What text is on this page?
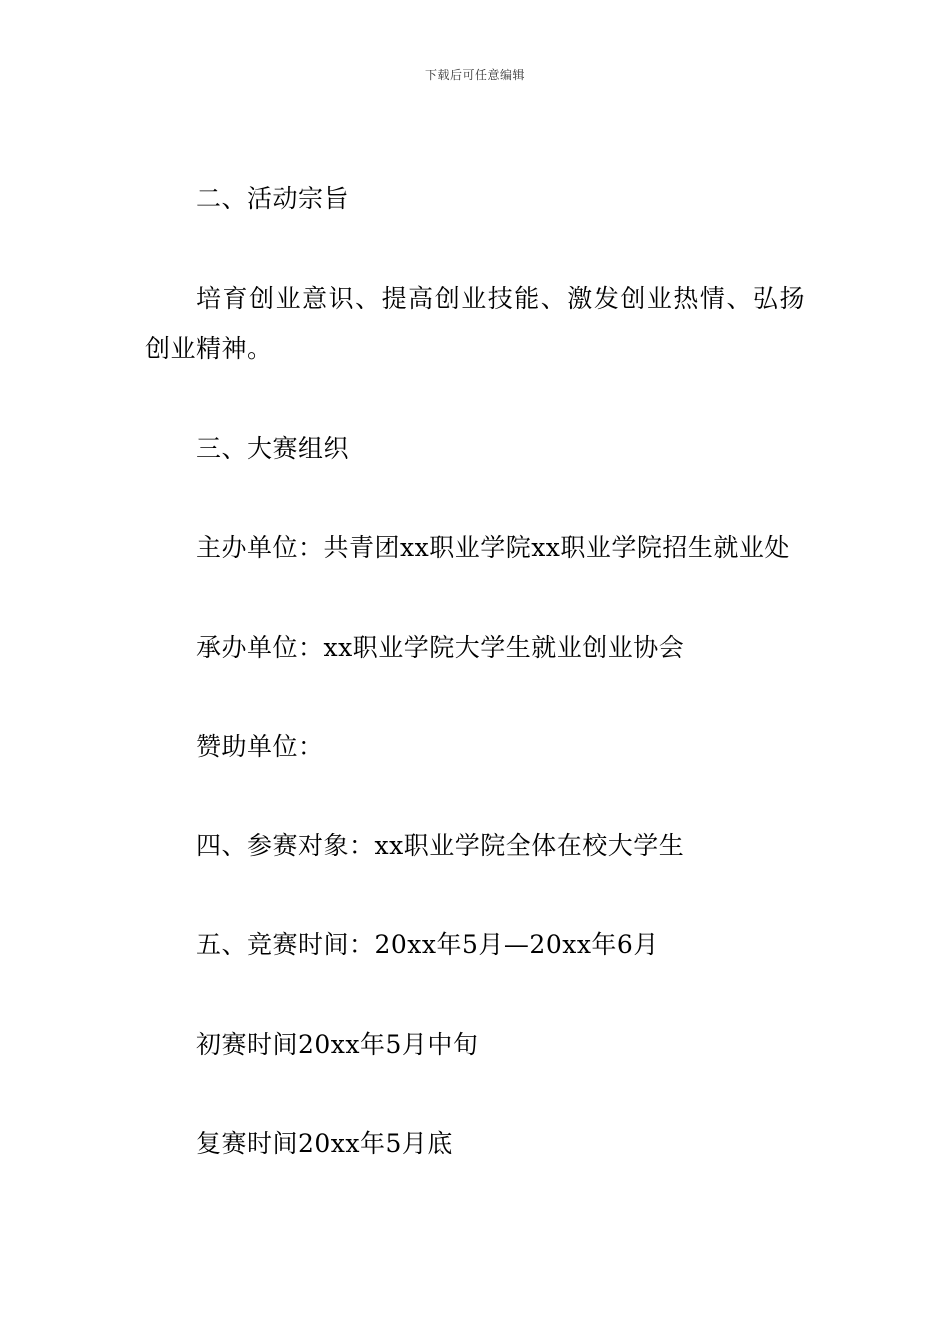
下载后可任意编辑
二、活动宗旨
培育创业意识、提高创业技能、激发创业热情、弘扬创业精神。
三、大赛组织
主办单位：共青团xx职业学院xx职业学院招生就业处
承办单位：xx职业学院大学生就业创业协会
赞助单位：
四、参赛对象：xx职业学院全体在校大学生
五、竞赛时间：20xx年5月—20xx年6月
初赛时间20xx年5月中旬
复赛时间20xx年5月底
